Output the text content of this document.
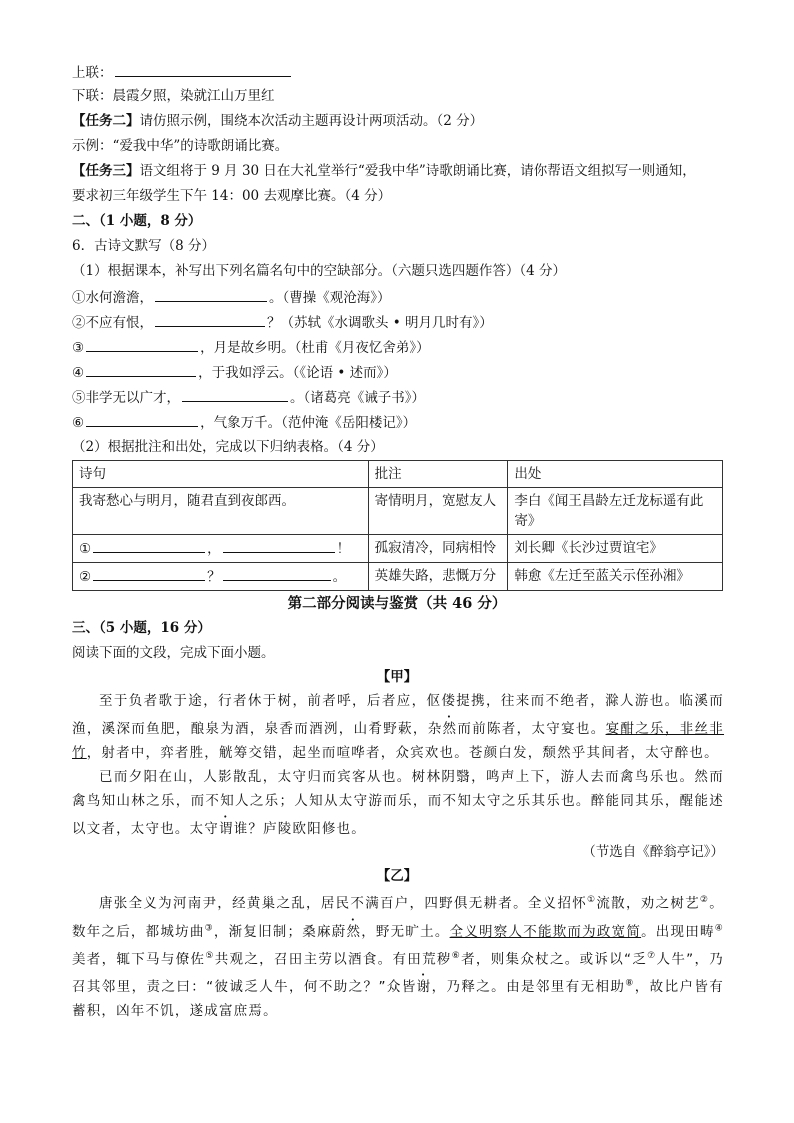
上联：
下联：晨霞夕照，染就江山万里红
【任务二】请仿照示例，围绕本次活动主题再设计两项活动。（2 分）
示例：“爱我中华”的诗歌朗诵比赛。
【任务三】语文组将于 9 月 30 日在大礼堂举行“爱我中华”诗歌朗诵比赛，请你帮语文组拟写一则通知，
要求初三年级学生下午 14：00 去观摩比赛。（4 分）
二、（1 小题，8 分）
6．古诗文默写（8 分）
（1）根据课本，补写出下列名篇名句中的空缺部分。（六题只选四题作答）（4 分）
①水何澹澹，	。（曹操《观沧海》）
②不应有恨，	？（苏轼《水调歌头 • 明月几时有》）
③	，月是故乡明。（杜甫《月夜忆舍弟》）
④	，于我如浮云。（《论语 • 述而》）
⑤非学无以广才，	。（诸葛亮《诫子书》）
⑥	，气象万千。（范仲淹《岳阳楼记》）
（2）根据批注和出处，完成以下归纳表格。（4 分）
诗句	批注	出处
我寄愁心与明月，随君直到夜郎西。	寄情明月，宽慰友人	李白《闻王昌龄左迁龙标遥有此寄》
① ， ！	孤寂清冷，同病相怜	刘长卿《长沙过贾谊宅》
② ？ 。	英雄失路，悲慨万分	韩愈《左迁至蓝关示侄孙湘》
第二部分阅读与鉴赏（共 46 分）
三、（5 小题，16 分）
阅读下面的文段，完成下面小题。
【甲】

至于负者歌于途，行者休于树，前者呼，后者应，伛偻提携，往来而不绝者，滁人游也。临溪而渔，溪深而鱼肥，酿泉为酒，泉香而酒洌，山肴野蔌，杂然而前陈者，太守宴也。宴酣之乐，非丝非竹，射者中，弈者胜，觥筹交错，起坐而喧哗者，众宾欢也。苍颜白发，颓然乎其间者，太守醉也。

已而夕阳在山，人影散乱，太守归而宾客从也。树林阴翳，鸣声上下，游人去而禽鸟乐也。然而禽鸟知山林之乐，而不知人之乐；人知从太守游而乐，而不知太守之乐其乐也。醉能同其乐，醒能述以文者，太守也。太守谓谁？庐陵欧阳修也。

（节选自《醉翁亭记》）
【乙】

唐张全义为河南尹，经黄巢之乱，居民不满百户，四野俱无耕者。全义招怀①流散，劝之树艺②。数年之后，都城坊曲③，渐复旧制；桑麻蔚然，野无旷土。全义明察人不能欺而为政宽简。出现田畴④美者，辄下马与僚佐⑤共观之，召田主劳以酒食。有田荒秽⑥者，则集众杖之。或诉以“乏⑦人牛”，乃召其邻里，责之曰：“彼诚乏人牛，何不助之？”众皆谢，乃释之。由是邻里有无相助⑧，故比户皆有蓄积，凶年不饥，遂成富庶焉。
